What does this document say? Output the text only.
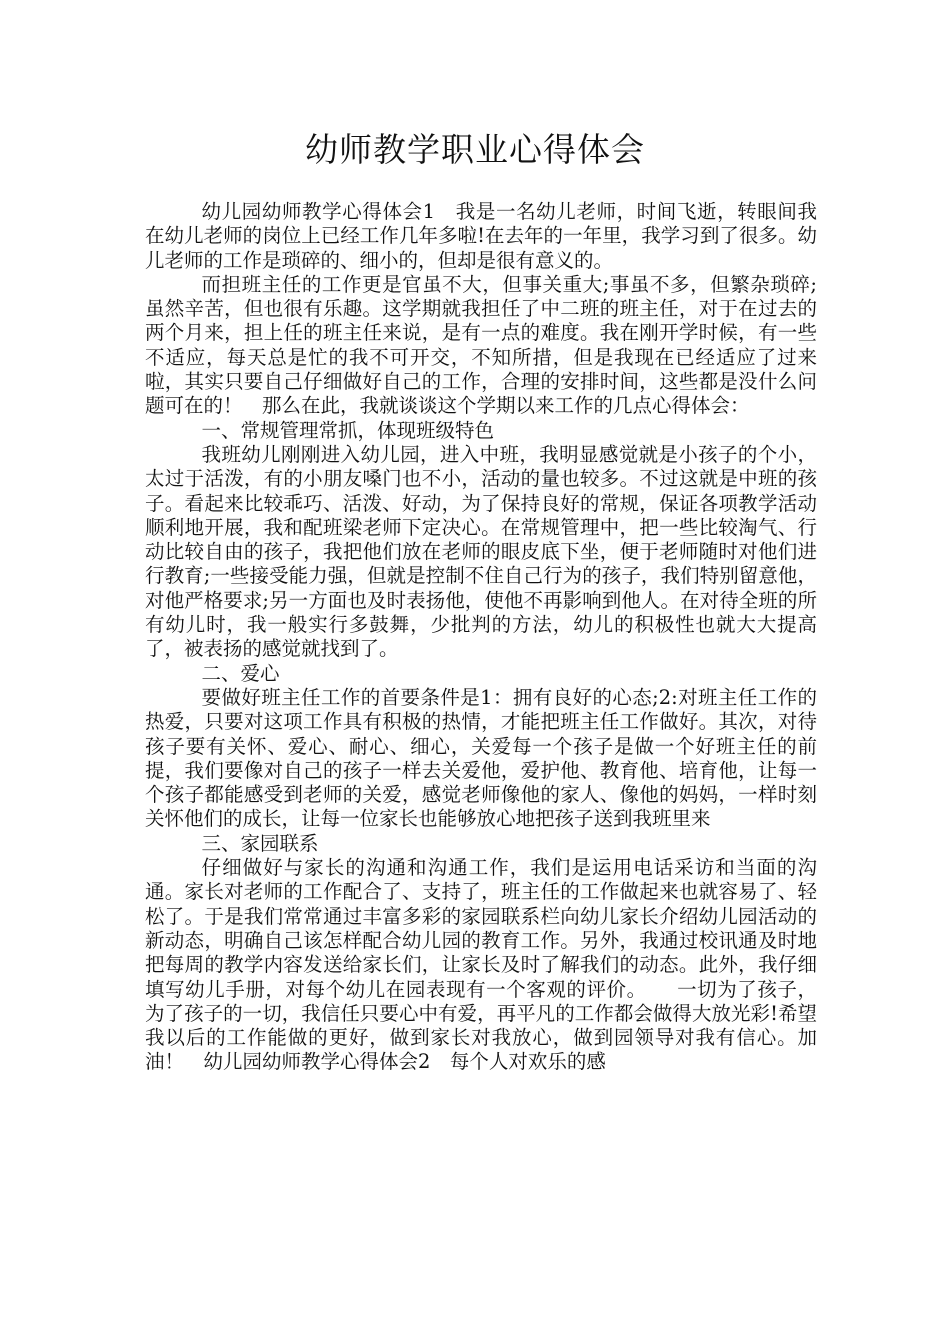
幼师教学职业心得体会

幼儿园幼师教学心得体会1　我是一名幼儿老师，时间飞逝，转眼间我在幼儿老师的岗位上已经工作几年多啦!在去年的一年里，我学习到了很多。幼儿老师的工作是琐碎的、细小的，但却是很有意义的。

而担班主任的工作更是官虽不大，但事关重大;事虽不多，但繁杂琐碎;虽然辛苦，但也很有乐趣。这学期就我担任了中二班的班主任，对于在过去的两个月来，担上任的班主任来说，是有一点的难度。我在刚开学时候，有一些不适应，每天总是忙的我不可开交，不知所措，但是我现在已经适应了过来啦，其实只要自己仔细做好自己的工作，合理的安排时间，这些都是没什么问题可在的！　那么在此，我就谈谈这个学期以来工作的几点心得体会：

一、常规管理常抓，体现班级特色

我班幼儿刚刚进入幼儿园，进入中班，我明显感觉就是小孩子的个小，太过于活泼，有的小朋友嗓门也不小，活动的量也较多。不过这就是中班的孩子。看起来比较乖巧、活泼、好动，为了保持良好的常规，保证各项教学活动顺利地开展，我和配班梁老师下定决心。在常规管理中，把一些比较淘气、行动比较自由的孩子，我把他们放在老师的眼皮底下坐，便于老师随时对他们进行教育;一些接受能力强，但就是控制不住自己行为的孩子，我们特别留意他，对他严格要求;另一方面也及时表扬他，使他不再影响到他人。在对待全班的所有幼儿时，我一般实行多鼓舞，少批判的方法，幼儿的积极性也就大大提高了，被表扬的感觉就找到了。

二、爱心

要做好班主任工作的首要条件是1：拥有良好的心态;2:对班主任工作的热爱，只要对这项工作具有积极的热情，才能把班主任工作做好。其次，对待孩子要有关怀、爱心、耐心、细心，关爱每一个孩子是做一个好班主任的前提，我们要像对自己的孩子一样去关爱他，爱护他、教育他、培育他，让每一个孩子都能感受到老师的关爱，感觉老师像他的家人、像他的妈妈，一样时刻关怀他们的成长，让每一位家长也能够放心地把孩子送到我班里来

三、家园联系

仔细做好与家长的沟通和沟通工作，我们是运用电话采访和当面的沟通。家长对老师的工作配合了、支持了，班主任的工作做起来也就容易了、轻松了。于是我们常常通过丰富多彩的家园联系栏向幼儿家长介绍幼儿园活动的新动态，明确自己该怎样配合幼儿园的教育工作。另外，我通过校讯通及时地把每周的教学内容发送给家长们，让家长及时了解我们的动态。此外，我仔细填写幼儿手册，对每个幼儿在园表现有一个客观的评价。　　一切为了孩子，为了孩子的一切，我信任只要心中有爱，再平凡的工作都会做得大放光彩!希望我以后的工作能做的更好，做到家长对我放心，做到园领导对我有信心。加油！　幼儿园幼师教学心得体会2　每个人对欢乐的感
